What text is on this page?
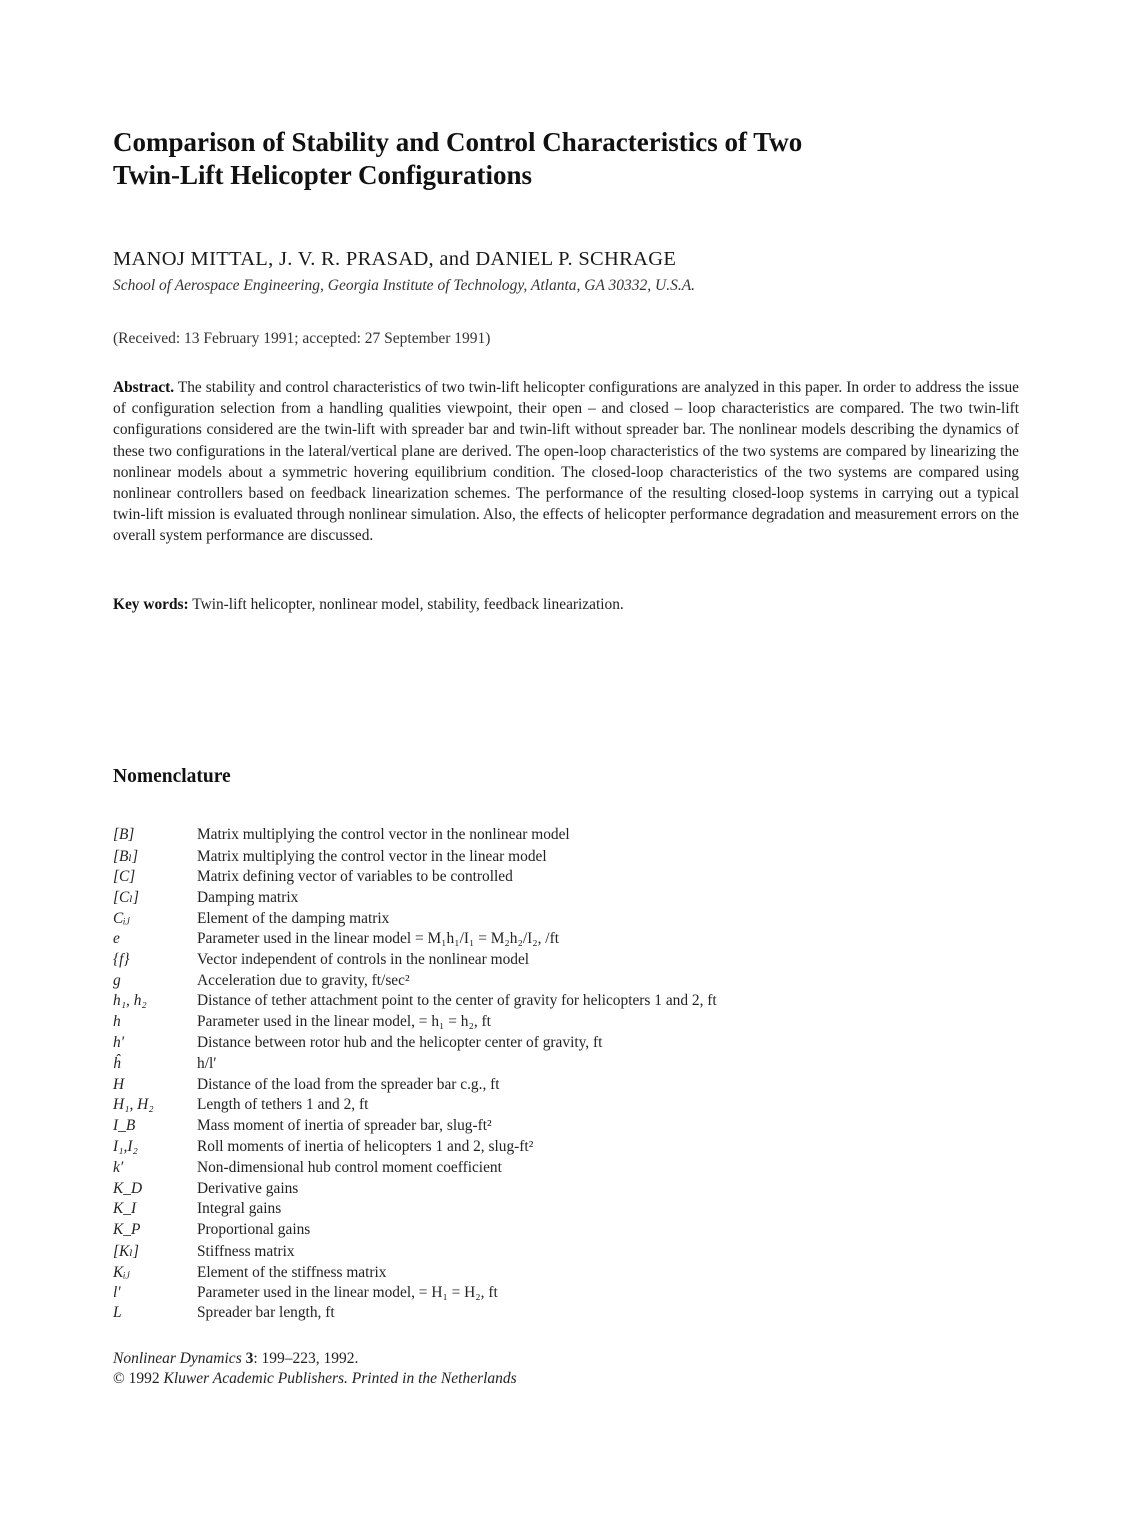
Comparison of Stability and Control Characteristics of Two
Twin-Lift Helicopter Configurations
MANOJ MITTAL, J. V. R. PRASAD, and DANIEL P. SCHRAGE
School of Aerospace Engineering, Georgia Institute of Technology, Atlanta, GA 30332, U.S.A.
(Received: 13 February 1991; accepted: 27 September 1991)

Abstract. The stability and control characteristics of two twin-lift helicopter configurations are analyzed in this paper. In order to address the issue of configuration selection from a handling qualities viewpoint, their open – and closed – loop characteristics are compared. The two twin-lift configurations considered are the twin-lift with spreader bar and twin-lift without spreader bar. The nonlinear models describing the dynamics of these two configurations in the lateral/vertical plane are derived. The open-loop characteristics of the two systems are compared by linearizing the nonlinear models about a symmetric hovering equilibrium condition. The closed-loop characteristics of the two systems are compared using nonlinear controllers based on feedback linearization schemes. The performance of the resulting closed-loop systems in carrying out a typical twin-lift mission is evaluated through nonlinear simulation. Also, the effects of helicopter performance degradation and measurement errors on the overall system performance are discussed.

Key words: Twin-lift helicopter, nonlinear model, stability, feedback linearization.
Nomenclature
[B]	Matrix multiplying the control vector in the nonlinear model
[Bₗ]	Matrix multiplying the control vector in the linear model
[C]	Matrix defining vector of variables to be controlled
[Cₗ]	Damping matrix
Cᵢⱼ	Element of the damping matrix
e	Parameter used in the linear model = M₁h₁/I₁ = M₂h₂/I₂, /ft
{f}	Vector independent of controls in the nonlinear model
g	Acceleration due to gravity, ft/sec²
h₁, h₂	Distance of tether attachment point to the center of gravity for helicopters 1 and 2, ft
h	Parameter used in the linear model, = h₁ = h₂, ft
h′	Distance between rotor hub and the helicopter center of gravity, ft
ĥ	h/l′
H	Distance of the load from the spreader bar c.g., ft
H₁, H₂	Length of tethers 1 and 2, ft
I_B	Mass moment of inertia of spreader bar, slug-ft²
I₁,I₂	Roll moments of inertia of helicopters 1 and 2, slug-ft²
k′	Non-dimensional hub control moment coefficient
K_D	Derivative gains
K_I	Integral gains
K_P	Proportional gains
[Kₗ]	Stiffness matrix
Kᵢⱼ	Element of the stiffness matrix
l′	Parameter used in the linear model, = H₁ = H₂, ft
L	Spreader bar length, ft
Nonlinear Dynamics 3: 199–223, 1992.
© 1992 Kluwer Academic Publishers. Printed in the Netherlands
